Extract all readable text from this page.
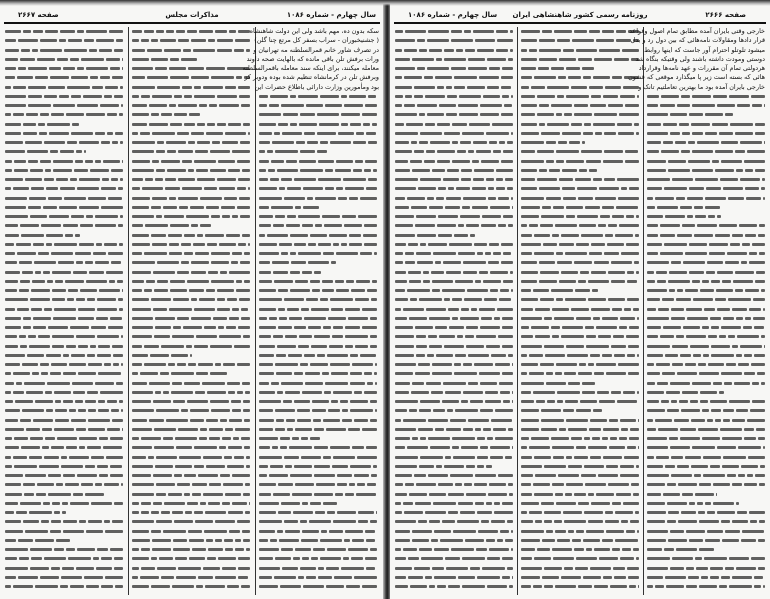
سال چهارم - شماره ۱۰۸۶
مذاکرات مجلس
صفحه ۲۶۶۷
سکه بدون ده، مهم باشد ولی این دولت شاهنشاه
( جشنیخبوران - سراب بسفر کل مرتع چنا گلن)
در تصرف شاور خانم قمرالسلطنه مه تهرانیان و
ورات برفش تلن باقی مانده که بالهایت صحه داوند
معامله میکنند، برای اینکه سند معامله باقمرالسلطنه
وبرفش تلن در کرمانشاه تنظیم شده بوده ودوبر کز
بود ومأمورین وزارت دارائی باطلاع حضرات این
سال چهارم - شماره ۱۰۸۶ روزنامه رسمی کشور شاهنشاهی ایران	صفحه ۲۶۶۶
خارجی وقتی بایران آمده مطابق تمام اصول وقواعد
قرار دادها ومقاولات نامه‌هائی که بین دول رد و بدل
میشود تلوتلو احترام آور جاست که اینها روابط
دوستی ومودت داشته باشند ولی وقتیکه بنگاه شد
هردولتی تمام آن مقررات و عهد نامه‌ها وقرارداد
هائی که بسته است زیر پا میگذارد موقعی که قشون
خارجی بایران آمده بود ما بهترین تعاملتیم تانک و
